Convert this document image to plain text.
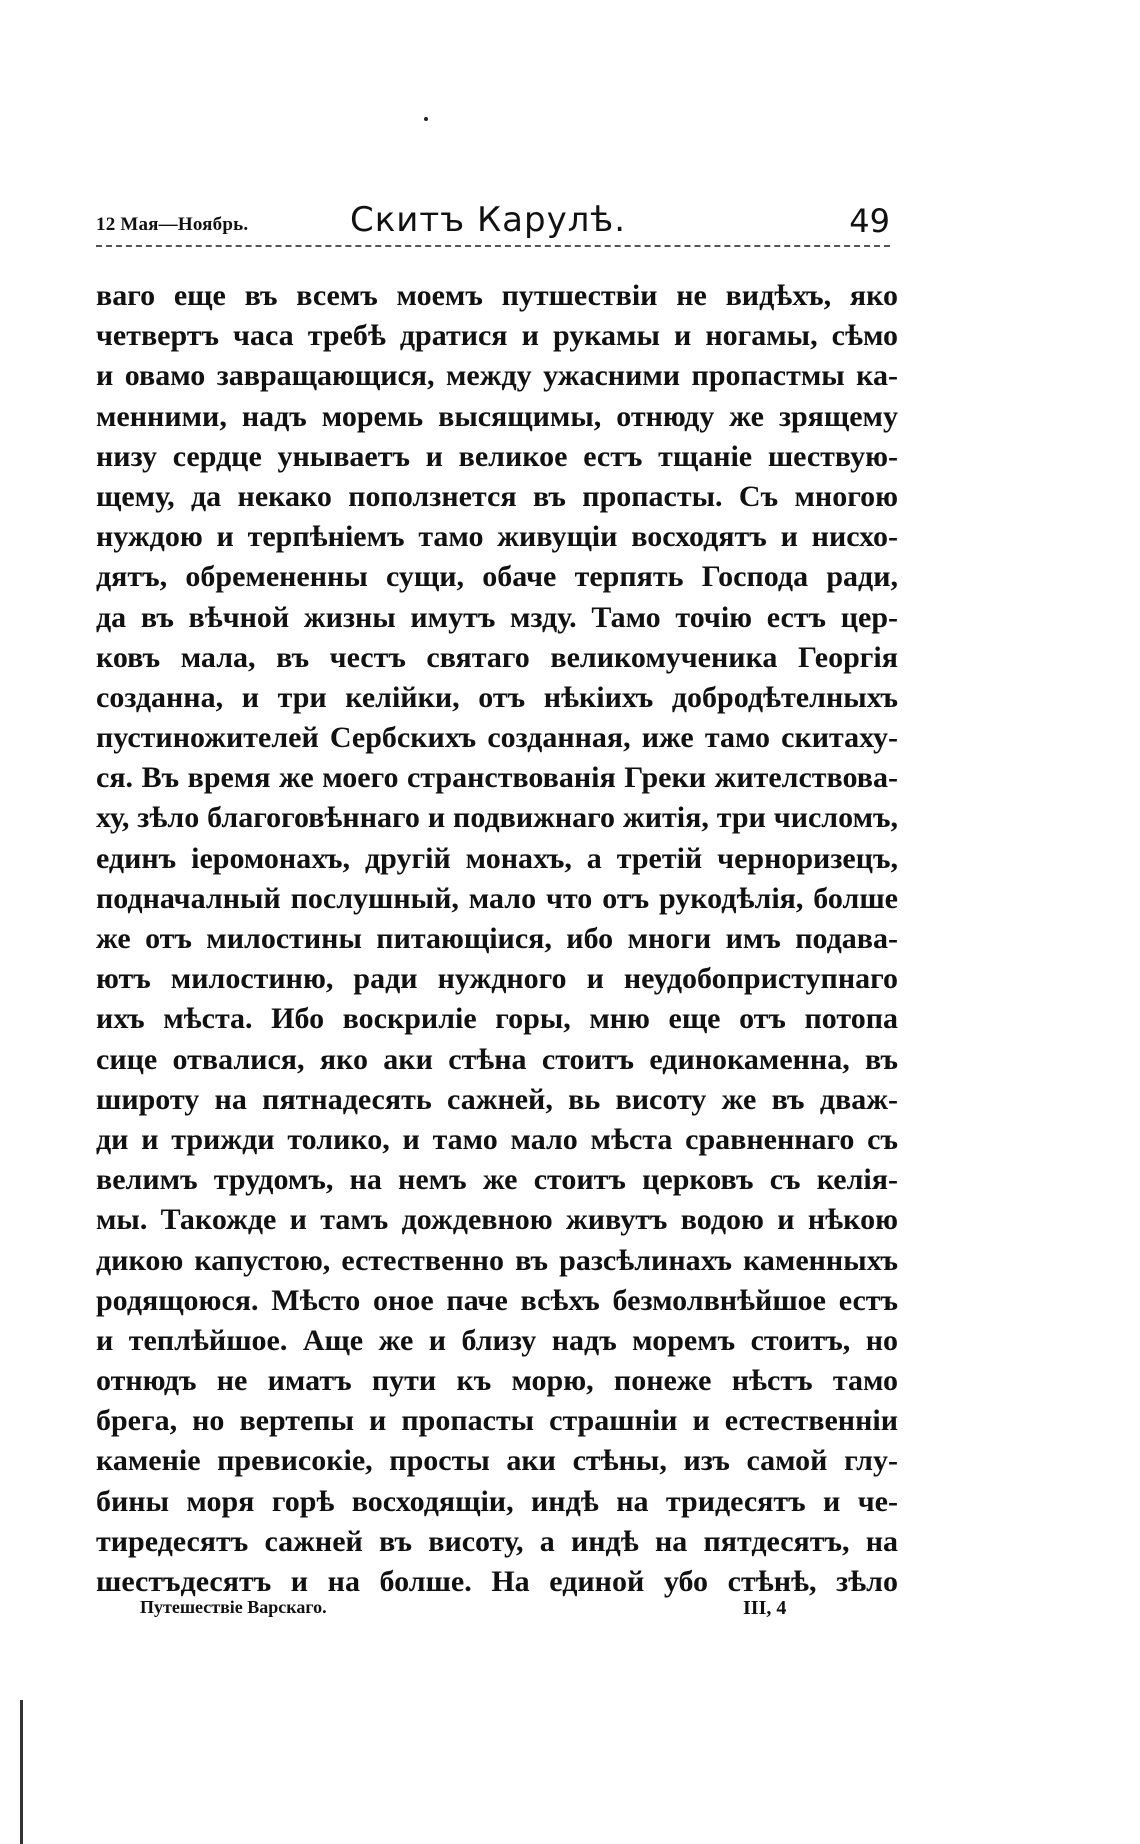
12 Мая—Ноябрь.	Скитъ Карулѣ.	49
ваго еще въ всемъ моемъ путшествіи не видѣхъ, яко
четвертъ часа требѣ дратися и рукамы и ногамы, сѣмо
и овамо завращающися, между ужасними пропастмы ка-
менними, надъ моремь высящимы, отнюду же зрящему
низу сердце унываетъ и великое естъ тщаніе шествую-
щему, да некако поползнется въ пропасты. Съ многою
нуждою и терпѣніемъ тамо живущіи восходятъ и нисхо-
дятъ, обремененны сущи, обаче терпять Господа ради,
да въ вѣчной жизны имутъ мзду. Тамо точію естъ цер-
ковъ мала, въ честъ святаго великомученика Георгія
созданна, и три келійки, отъ нѣкіихъ добродѣтелныхъ
пустиножителей Сербскихъ созданная, иже тамо скитаху-
ся. Въ время же моего странствованія Греки жителствова-
ху, зѣло благоговѣннаго и подвижнаго житія, три числомъ,
единъ іеромонахъ, другій монахъ, а третій черноризецъ,
подначалный послушный, мало что отъ рукодѣлія, болше
же отъ милостины питающіися, ибо многи имъ подава-
ютъ милостиню, ради нуждного и неудобоприступнаго
ихъ мѣста. Ибо воскриліе горы, мню еще отъ потопа
сице отвалися, яко аки стѣна стоитъ единокаменна, въ
широту на пятнадесять сажней, вь висоту же въ дваж-
ди и трижди толико, и тамо мало мѣста сравненнаго съ
велимъ трудомъ, на немъ же стоитъ церковъ съ келія-
мы. Такожде и тамъ дождевною живутъ водою и нѣкою
дикою капустою, естественно въ разсѣлинахъ каменныхъ
родящоюся. Мѣсто оное паче всѣхъ безмолвнѣйшое естъ
и теплѣйшое. Аще же и близу надъ моремъ стоитъ, но
отнюдъ не иматъ пути къ морю, понеже нѣстъ тамо
брега, но вертепы и пропасты страшніи и естественніи
каменіе превисокіе, просты аки стѣны, изъ самой глу-
бины моря горѣ восходящіи, индѣ на тридесятъ и че-
тиредесятъ сажней въ висоту, а индѣ на пятдесятъ, на
шестъдесятъ и на болше. На единой убо стѣнѣ, зѣло
Путешествіе Варскаго.	III, 4
